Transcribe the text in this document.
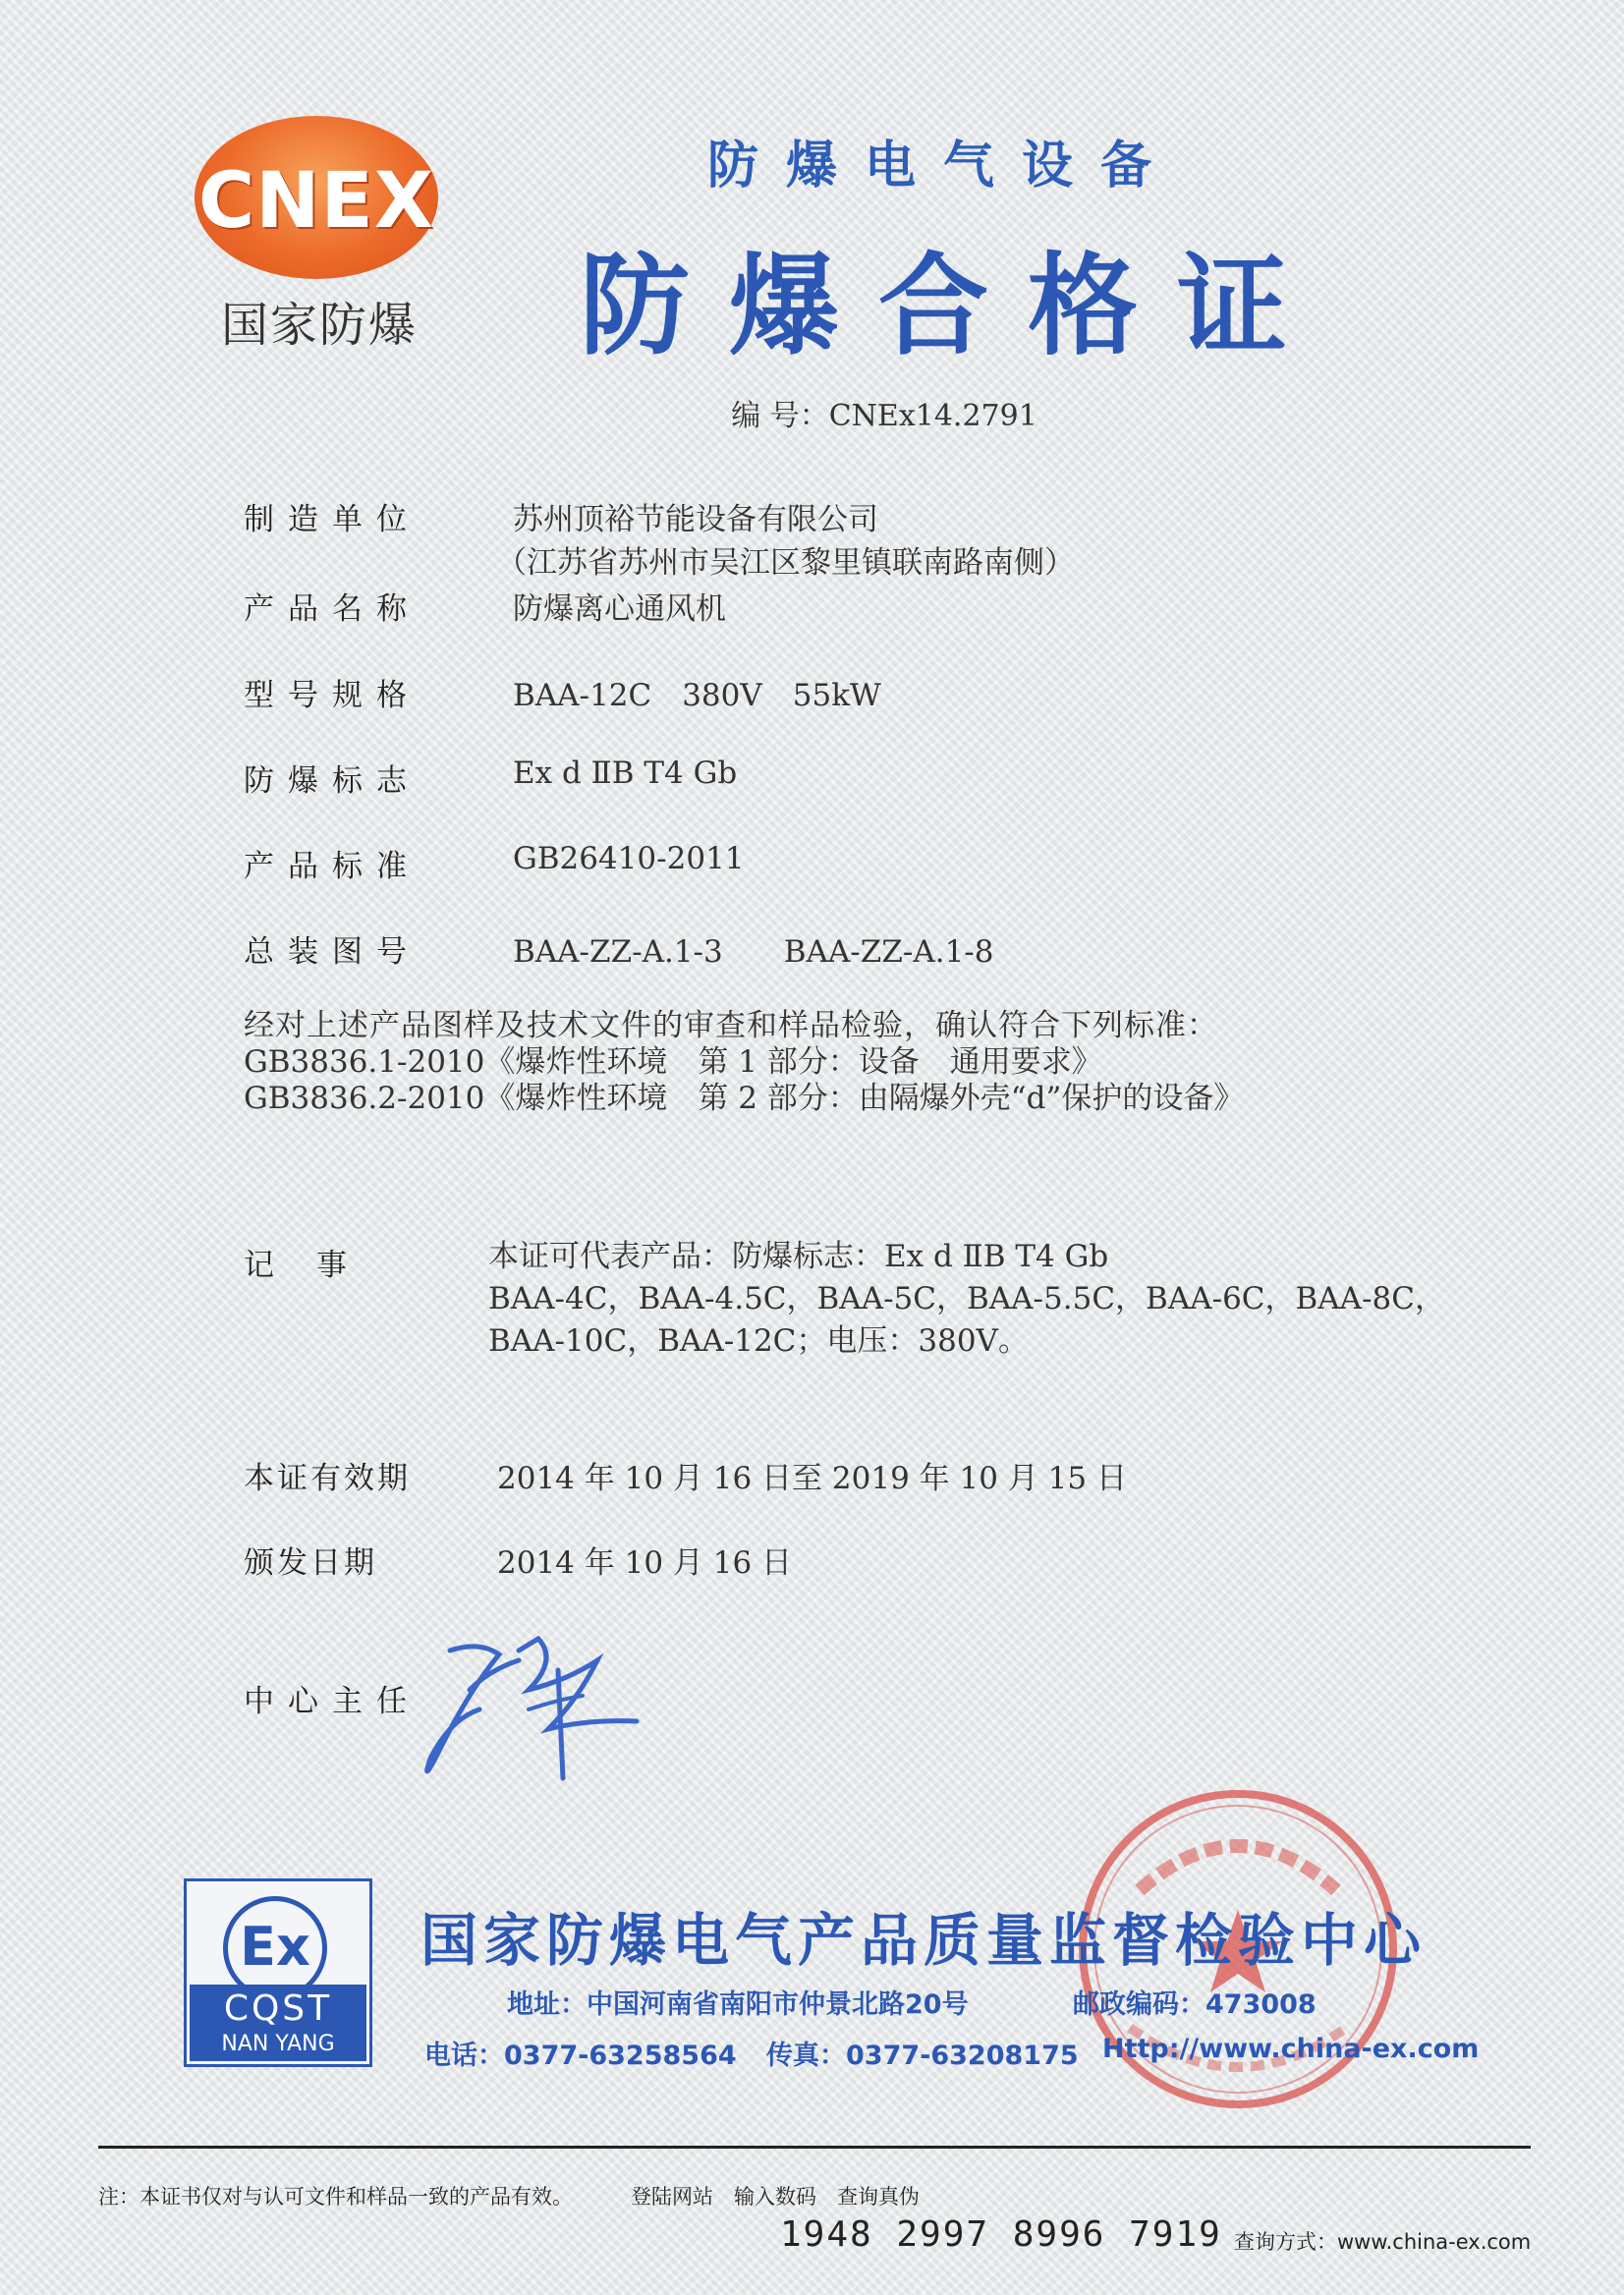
CNEX
国家防爆
防爆电气设备
防爆合格证
编 号：CNEx14.2791
制造单位	苏州顶裕节能设备有限公司
（江苏省苏州市吴江区黎里镇联南路南侧）
产品名称	防爆离心通风机
型号规格	BAA-12C　380V　55kW
防爆标志	Ex d ⅡB T4 Gb
产品标准	GB26410-2011
总装图号	BAA-ZZ-A.1-3　　BAA-ZZ-A.1-8
经对上述产品图样及技术文件的审查和样品检验，确认符合下列标准：
GB3836.1-2010《爆炸性环境　第 1 部分：设备　通用要求》
GB3836.2-2010《爆炸性环境　第 2 部分：由隔爆外壳“d”保护的设备》
记　事	本证可代表产品：防爆标志：Ex d ⅡB T4 Gb
BAA-4C，BAA-4.5C，BAA-5C，BAA-5.5C，BAA-6C，BAA-8C，
BAA-10C，BAA-12C；电压：380V。
本证有效期	2014 年 10 月 16 日至 2019 年 10 月 15 日
颁发日期	2014 年 10 月 16 日
中心主任
Ex
CQST
NAN YANG
国家防爆电气产品质量监督检验中心
地址：中国河南省南阳市仲景北路20号	邮政编码：473008
电话：0377-63258564 传真：0377-63208175 Http://www.china-ex.com
注：本证书仅对与认可文件和样品一致的产品有效。	登陆网站　输入数码　查询真伪
1948 2997 8996 7919 查询方式：www.china-ex.com
